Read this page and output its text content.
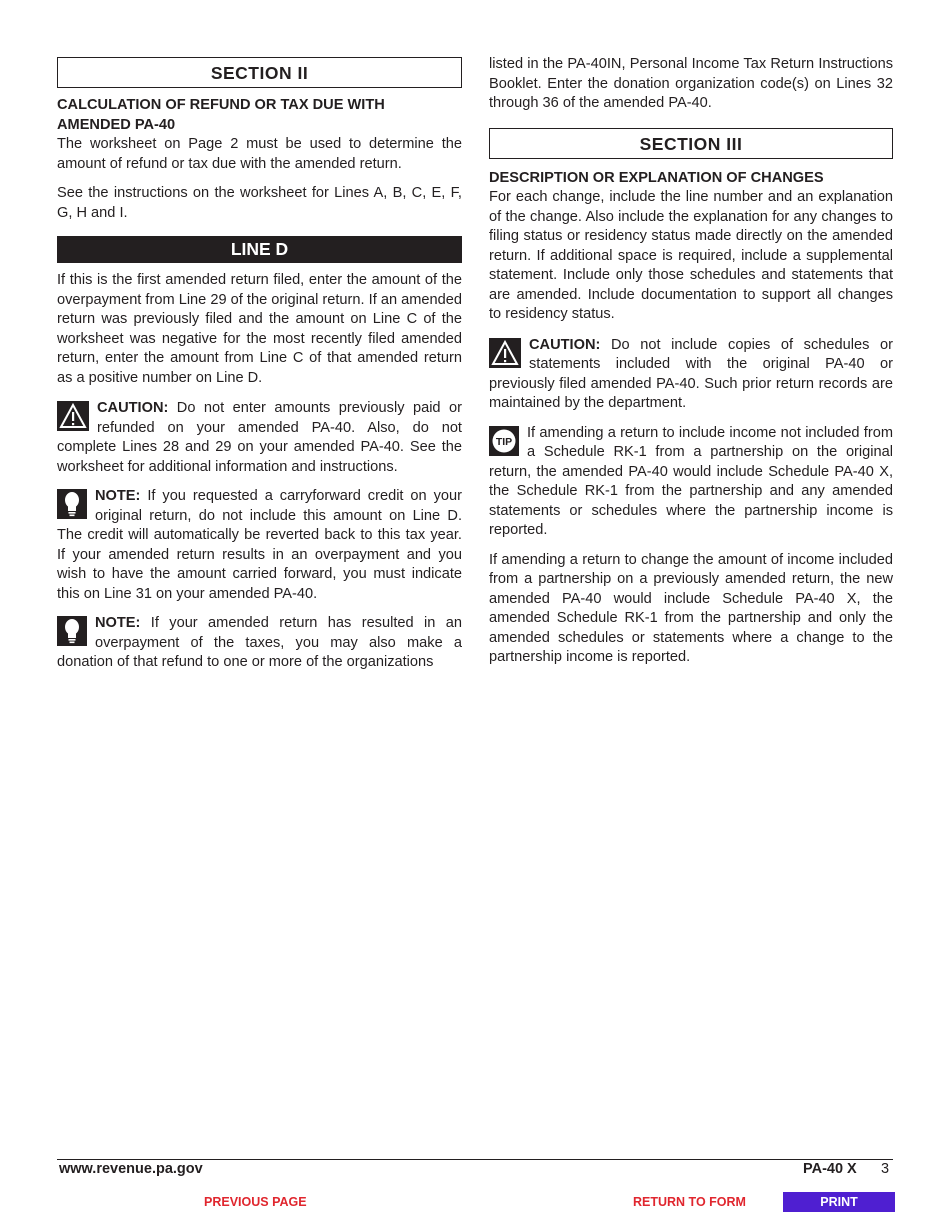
SECTION II
CALCULATION OF REFUND OR TAX DUE WITH AMENDED PA-40

The worksheet on Page 2 must be used to determine the amount of refund or tax due with the amended return.

See the instructions on the worksheet for Lines A, B, C, E, F, G, H and I.

LINE D

If this is the first amended return filed, enter the amount of the overpayment from Line 29 of the original return. If an amended return was previously filed and the amount on Line C of the worksheet was negative for the most recently filed amended return, enter the amount from Line C of that amended return as a positive number on Line D.

CAUTION: Do not enter amounts previously paid or refunded on your amended PA-40. Also, do not complete Lines 28 and 29 on your amended PA-40. See the worksheet for additional information and instructions.

NOTE: If you requested a carryforward credit on your original return, do not include this amount on Line D. The credit will automatically be reverted back to this tax year. If your amended return results in an overpayment and you wish to have the amount carried forward, you must indicate this on Line 31 on your amended PA-40.

NOTE: If your amended return has resulted in an overpayment of the taxes, you may also make a donation of that refund to one or more of the organizations

listed in the PA-40IN, Personal Income Tax Return Instructions Booklet. Enter the donation organization code(s) on Lines 32 through 36 of the amended PA-40.

SECTION III
DESCRIPTION OR EXPLANATION OF CHANGES

For each change, include the line number and an explanation of the change. Also include the explanation for any changes to filing status or residency status made directly on the amended return. If additional space is required, include a supplemental statement. Include only those schedules and statements that are amended. Include documentation to support all changes to residency status.

CAUTION: Do not include copies of schedules or statements included with the original PA-40 or previously filed amended PA-40. Such prior return records are maintained by the department.

TIP
If amending a return to include income not included from a Schedule RK-1 from a partnership on the original return, the amended PA-40 would include Schedule PA-40 X, the Schedule RK-1 from the partnership and any amended statements or schedules where the partnership income is reported.

If amending a return to change the amount of income included from a partnership on a previously amended return, the new amended PA-40 would include Schedule PA-40 X, the amended Schedule RK-1 from the partnership and only the amended schedules or statements where a change to the partnership income is reported.

www.revenue.pa.gov	PA-40 X 3
PREVIOUS PAGE	RETURN TO FORM	PRINT
